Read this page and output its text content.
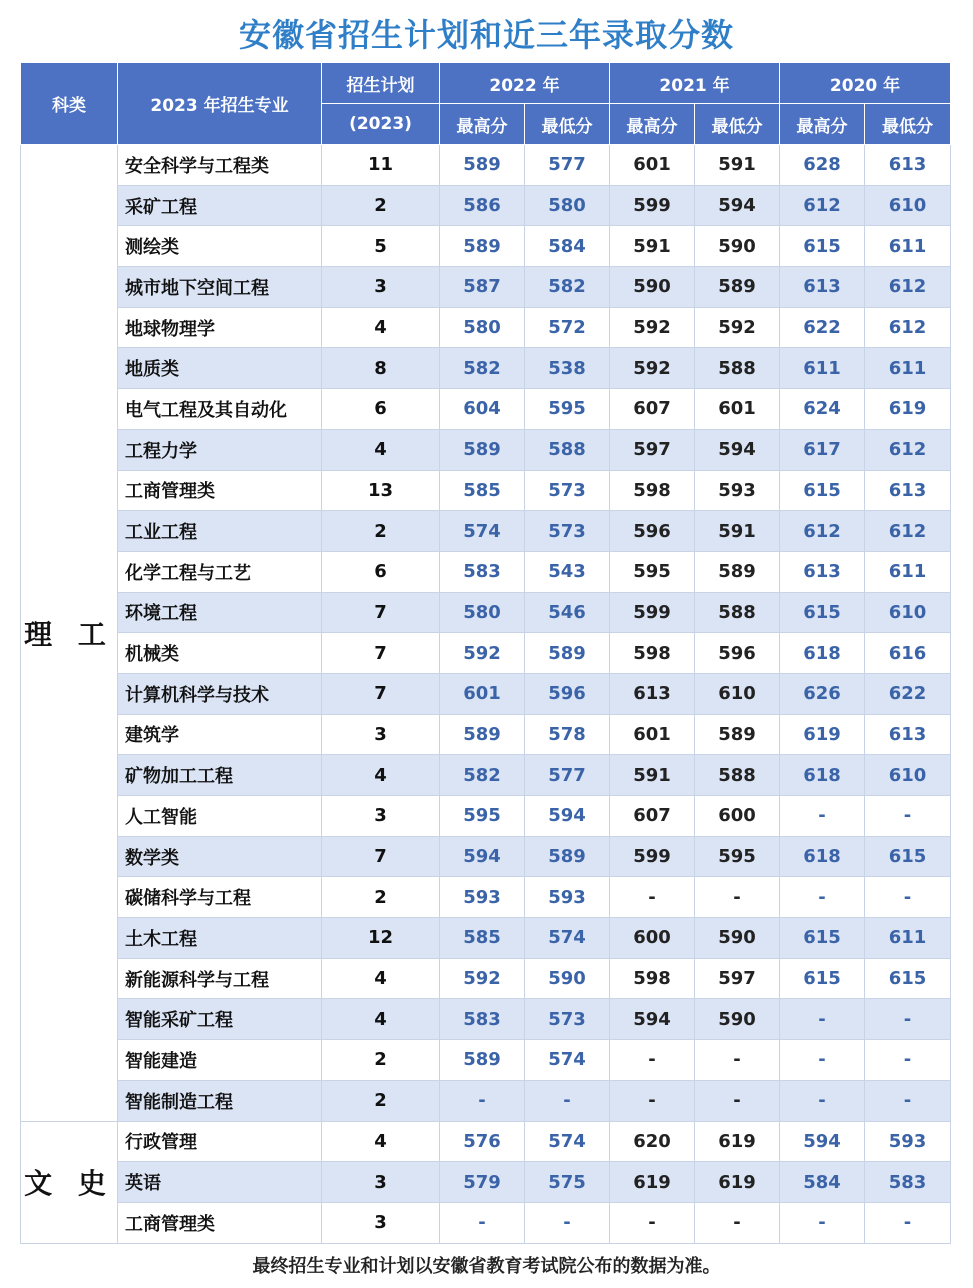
安徽省招生计划和近三年录取分数
科类	2023 年招生专业	招生计划	2022 年		2021 年		2020 年	
		(2023)	最高分	最低分	最高分	最低分	最高分	最低分
理 工	安全科学与工程类	11	589	577	601	591	628	613
	采矿工程	2	586	580	599	594	612	610
	测绘类	5	589	584	591	590	615	611
	城市地下空间工程	3	587	582	590	589	613	612
	地球物理学	4	580	572	592	592	622	612
	地质类	8	582	538	592	588	611	611
	电气工程及其自动化	6	604	595	607	601	624	619
	工程力学	4	589	588	597	594	617	612
	工商管理类	13	585	573	598	593	615	613
	工业工程	2	574	573	596	591	612	612
	化学工程与工艺	6	583	543	595	589	613	611
	环境工程	7	580	546	599	588	615	610
	机械类	7	592	589	598	596	618	616
	计算机科学与技术	7	601	596	613	610	626	622
	建筑学	3	589	578	601	589	619	613
	矿物加工工程	4	582	577	591	588	618	610
	人工智能	3	595	594	607	600	-	-
	数学类	7	594	589	599	595	618	615
	碳储科学与工程	2	593	593	-	-	-	-
	土木工程	12	585	574	600	590	615	611
	新能源科学与工程	4	592	590	598	597	615	615
	智能采矿工程	4	583	573	594	590	-	-
	智能建造	2	589	574	-	-	-	-
	智能制造工程	2	-	-	-	-	-	-
文 史	行政管理	4	576	574	620	619	594	593
	英语	3	579	575	619	619	584	583
	工商管理类	3	-	-	-	-	-	-
最终招生专业和计划以安徽省教育考试院公布的数据为准。
